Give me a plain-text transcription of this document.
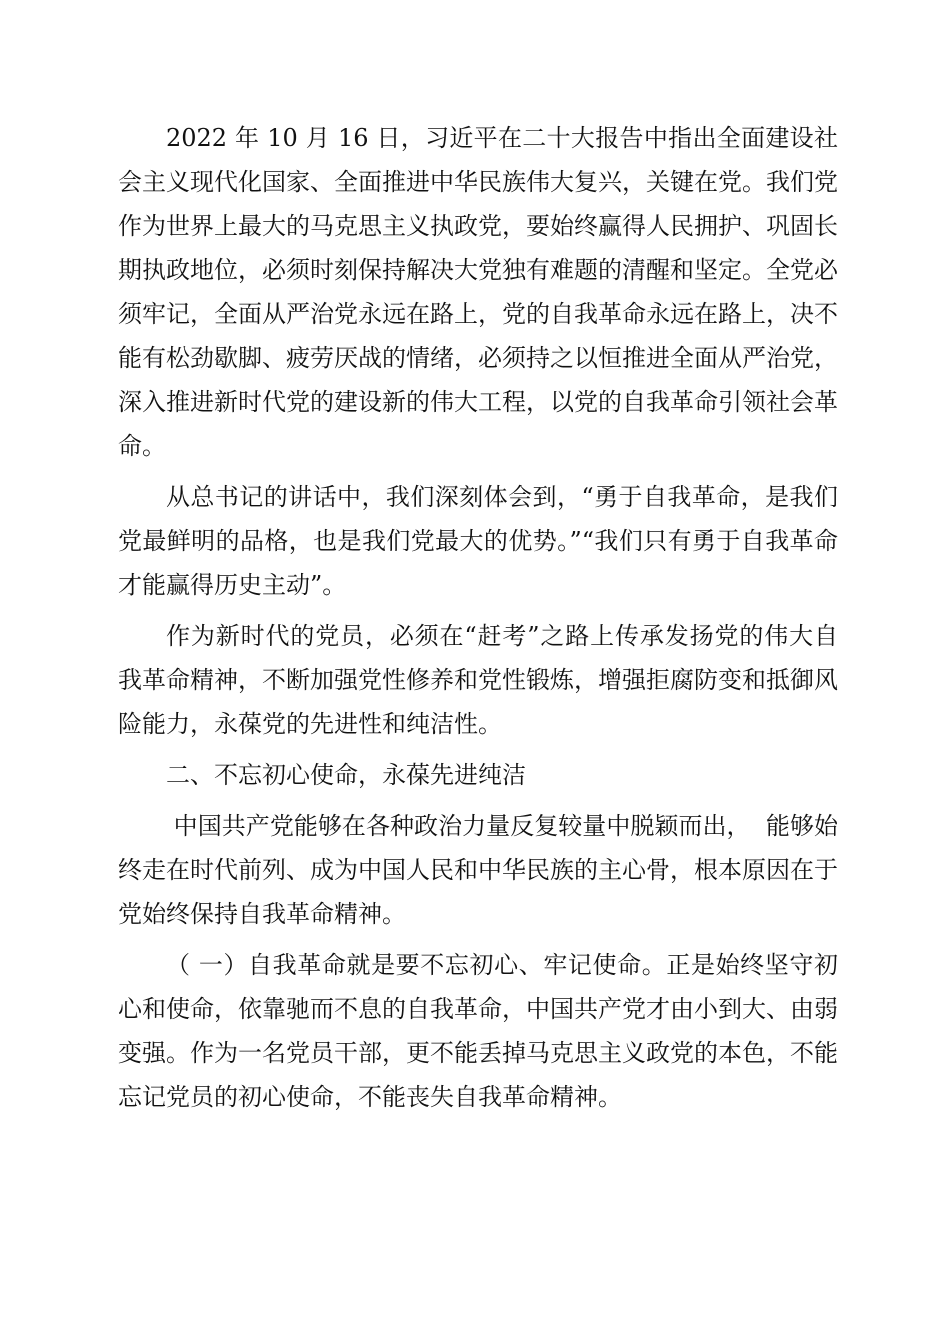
2022 年 10 月 16 日，习近平在二十大报告中指出全面建设社会主义现代化国家、全面推进中华民族伟大复兴，关键在党。我们党作为世界上最大的马克思主义执政党，要始终赢得人民拥护、巩固长期执政地位，必须时刻保持解决大党独有难题的清醒和坚定。全党必须牢记，全面从严治党永远在路上，党的自我革命永远在路上，决不能有松劲歇脚、疲劳厌战的情绪，必须持之以恒推进全面从严治党，深入推进新时代党的建设新的伟大工程，以党的自我革命引领社会革命。

从总书记的讲话中，我们深刻体会到，“勇于自我革命，是我们党最鲜明的品格，也是我们党最大的优势。”“我们只有勇于自我革命才能赢得历史主动”。

作为新时代的党员，必须在“赶考”之路上传承发扬党的伟大自我革命精神，不断加强党性修养和党性锻炼，增强拒腐防变和抵御风险能力，永葆党的先进性和纯洁性。

二、不忘初心使命，永葆先进纯洁

中国共产党能够在各种政治力量反复较量中脱颖而出，  能够始终走在时代前列、成为中国人民和中华民族的主心骨，根本原因在于党始终保持自我革命精神。

（ 一）自我革命就是要不忘初心、牢记使命。正是始终坚守初心和使命，依靠驰而不息的自我革命，中国共产党才由小到大、由弱变强。作为一名党员干部，更不能丢掉马克思主义政党的本色，不能忘记党员的初心使命，不能丧失自我革命精神。
